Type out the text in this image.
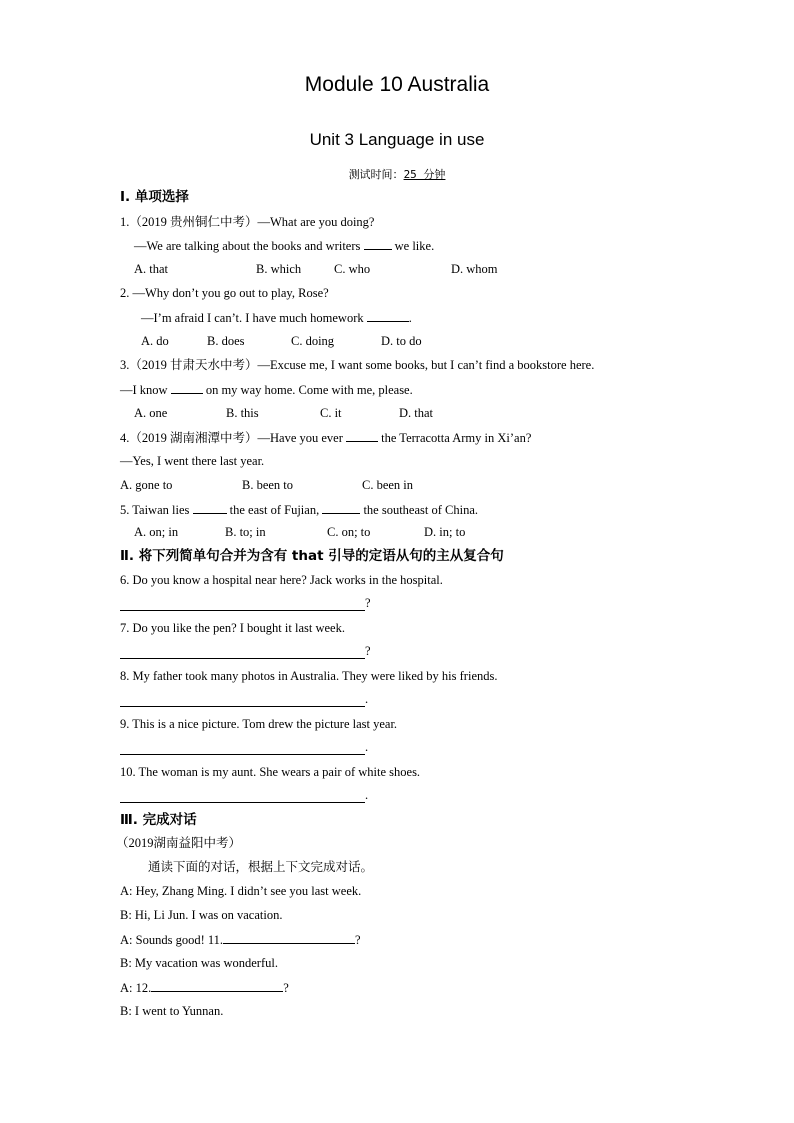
Module 10 Australia
Unit 3 Language in use
测试时间：25 分钟
Ⅰ. 单项选择
1.（2019 贵州铜仁中考）—What are you doing?
—We are talking about the books and writers  we like.
A. that	B. which	C. who	D. whom
2. —Why don’t you go out to play, Rose?
—I’m afraid I can’t. I have much homework	.
A. do	B. does	C. doing	D. to do
3.（2019 甘肃天水中考）—Excuse me, I want some books, but I can’t find a bookstore here.
—I know	on my way home. Come with me, please.
A. one	B. this	C. it	D. that
4.（2019 湖南湘潭中考）—Have you ever	the Terracotta Army in Xi’an?
—Yes, I went there last year.
A. gone to	B. been to	C. been in
5. Taiwan lies	the east of Fujian,	the southeast of China.
A. on; in	B. to; in	C. on; to	D. in; to
Ⅱ. 将下列简单句合并为含有 that 引导的定语从句的主从复合句
6. Do you know a hospital near here? Jack works in the hospital.
?
7. Do you like the pen? I bought it last week.
?
8. My father took many photos in Australia. They were liked by his friends.
.
9. This is a nice picture. Tom drew the picture last year.
.
10. The woman is my aunt. She wears a pair of white shoes.
.
Ⅲ. 完成对话
（2019湖南益阳中考）
通读下面的对话，根据上下文完成对话。
A: Hey, Zhang Ming. I didn’t see you last week.
B: Hi, Li Jun. I was on vacation.
A: Sounds good! 11.	?
B: My vacation was wonderful.
A: 12.	?
B: I went to Yunnan.
